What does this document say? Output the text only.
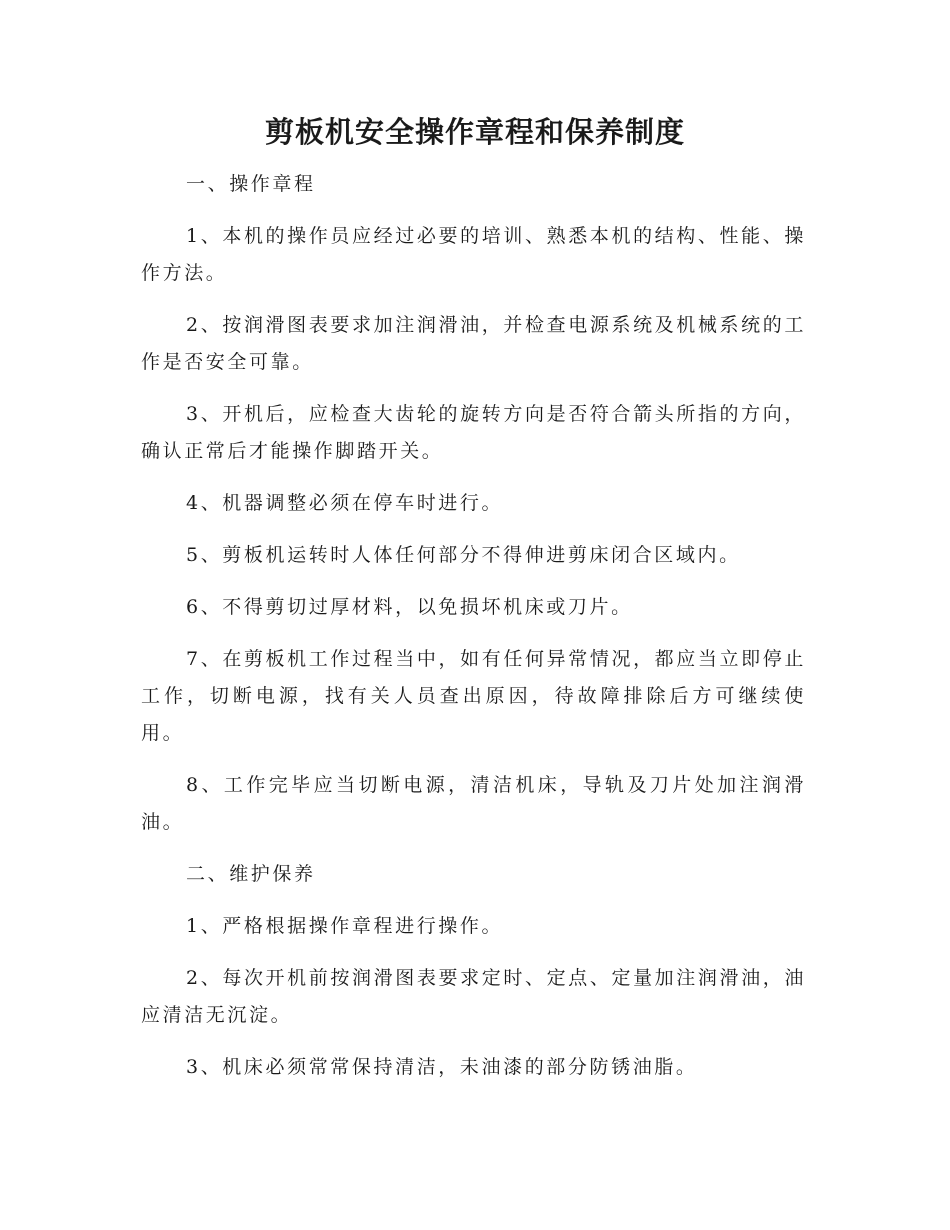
剪板机安全操作章程和保养制度

一、操作章程

1、本机的操作员应经过必要的培训、熟悉本机的结构、性能、操作方法。

2、按润滑图表要求加注润滑油，并检查电源系统及机械系统的工作是否安全可靠。

3、开机后，应检查大齿轮的旋转方向是否符合箭头所指的方向，确认正常后才能操作脚踏开关。

4、机器调整必须在停车时进行。

5、剪板机运转时人体任何部分不得伸进剪床闭合区域内。

6、不得剪切过厚材料，以免损坏机床或刀片。

7、在剪板机工作过程当中，如有任何异常情况，都应当立即停止工作，切断电源，找有关人员查出原因，待故障排除后方可继续使用。

8、工作完毕应当切断电源，清洁机床，导轨及刀片处加注润滑油。

二、维护保养

1、严格根据操作章程进行操作。

2、每次开机前按润滑图表要求定时、定点、定量加注润滑油，油应清洁无沉淀。

3、机床必须常常保持清洁，未油漆的部分防锈油脂。
